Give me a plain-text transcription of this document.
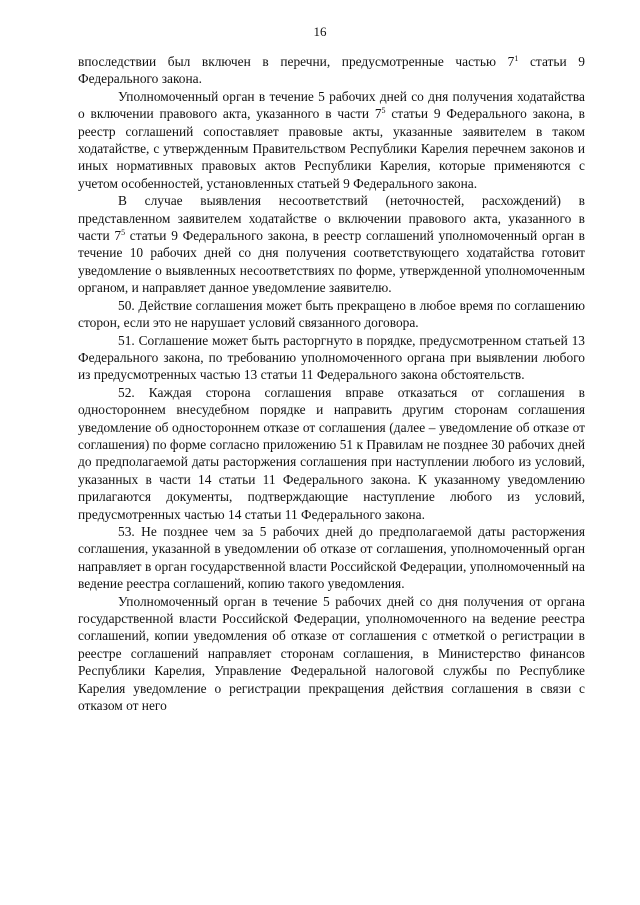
16

впоследствии был включен в перечни, предусмотренные частью $7^1$ статьи 9 Федерального закона.

Уполномоченный орган в течение 5 рабочих дней со дня получения ходатайства о включении правового акта, указанного в части $7^5$ статьи 9 Федерального закона, в реестр соглашений сопоставляет правовые акты, указанные заявителем в таком ходатайстве, с утвержденным Правительством Республики Карелия перечнем законов и иных нормативных правовых актов Республики Карелия, которые применяются с учетом особенностей, установленных статьей 9 Федерального закона.

В случае выявления несоответствий (неточностей, расхождений) в представленном заявителем ходатайстве о включении правового акта, указанного в части $7^5$ статьи 9 Федерального закона, в реестр соглашений уполномоченный орган в течение 10 рабочих дней со дня получения соответствующего ходатайства готовит уведомление о выявленных несоответствиях по форме, утвержденной уполномоченным органом, и направляет данное уведомление заявителю.

50. Действие соглашения может быть прекращено в любое время по соглашению сторон, если это не нарушает условий связанного договора.

51. Соглашение может быть расторгнуто в порядке, предусмотренном статьей 13 Федерального закона, по требованию уполномоченного органа при выявлении любого из предусмотренных частью 13 статьи 11 Федерального закона обстоятельств.

52. Каждая сторона соглашения вправе отказаться от соглашения в одностороннем внесудебном порядке и направить другим сторонам соглашения уведомление об одностороннем отказе от соглашения (далее – уведомление об отказе от соглашения) по форме согласно приложению 51 к Правилам не позднее 30 рабочих дней до предполагаемой даты расторжения соглашения при наступлении любого из условий, указанных в части 14 статьи 11 Федерального закона. К указанному уведомлению прилагаются документы, подтверждающие наступление любого из условий, предусмотренных частью 14 статьи 11 Федерального закона.

53. Не позднее чем за 5 рабочих дней до предполагаемой даты расторжения соглашения, указанной в уведомлении об отказе от соглашения, уполномоченный орган направляет в орган государственной власти Российской Федерации, уполномоченный на ведение реестра соглашений, копию такого уведомления.

Уполномоченный орган в течение 5 рабочих дней со дня получения от органа государственной власти Российской Федерации, уполномоченного на ведение реестра соглашений, копии уведомления об отказе от соглашения с отметкой о регистрации в реестре соглашений направляет сторонам соглашения, в Министерство финансов Республики Карелия, Управление Федеральной налоговой службы по Республике Карелия уведомление о регистрации прекращения действия соглашения в связи с отказом от него
